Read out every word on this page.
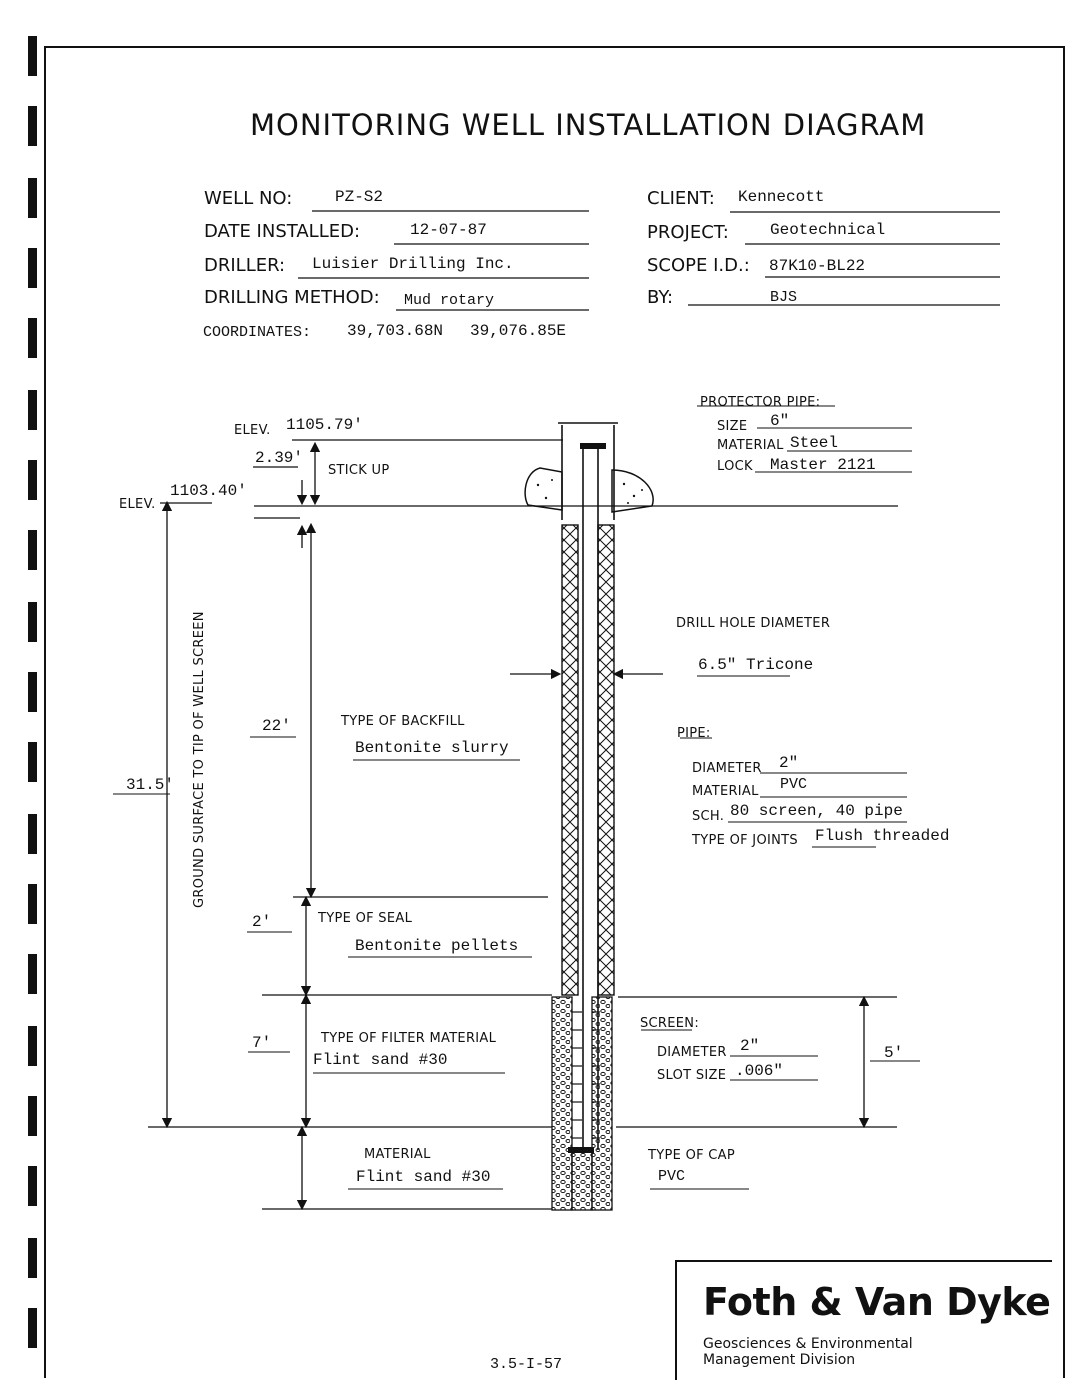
MONITORING WELL INSTALLATION DIAGRAM
WELL NO:	PZ-S2
DATE INSTALLED:	12-07-87
DRILLER: Luisier Drilling Inc.
DRILLING METHOD: Mud rotary
COORDINATES: 39,703.68N 39,076.85E
CLIENT: Kennecott
PROJECT:	Geotechnical
SCOPE I.D.: 87K10-BL22
BY:	BJS
ELEV. 1105.79'
2.39'
STICK UP
ELEV.
1103.40'
GROUND SURFACE TO TIP OF WELL SCREEN
31.5'
22'	TYPE OF BACKFILL
Bentonite slurry
2'	TYPE OF SEAL
Bentonite pellets
7'	TYPE OF FILTER MATERIAL
Flint sand #30
MATERIAL
Flint sand #30
PROTECTOR PIPE:
SIZE 6"
MATERIAL Steel
LOCK Master 2121
DRILL HOLE DIAMETER
6.5" Tricone
PIPE:
DIAMETER 2"
MATERIAL PVC
SCH. 80 screen, 40 pipe
TYPE OF JOINTS Flush threaded
SCREEN:
DIAMETER 2"
SLOT SIZE .006"
5'
TYPE OF CAP
PVC
Foth & Van Dyke
Geosciences & Environmental
Management Division
3.5-I-57
